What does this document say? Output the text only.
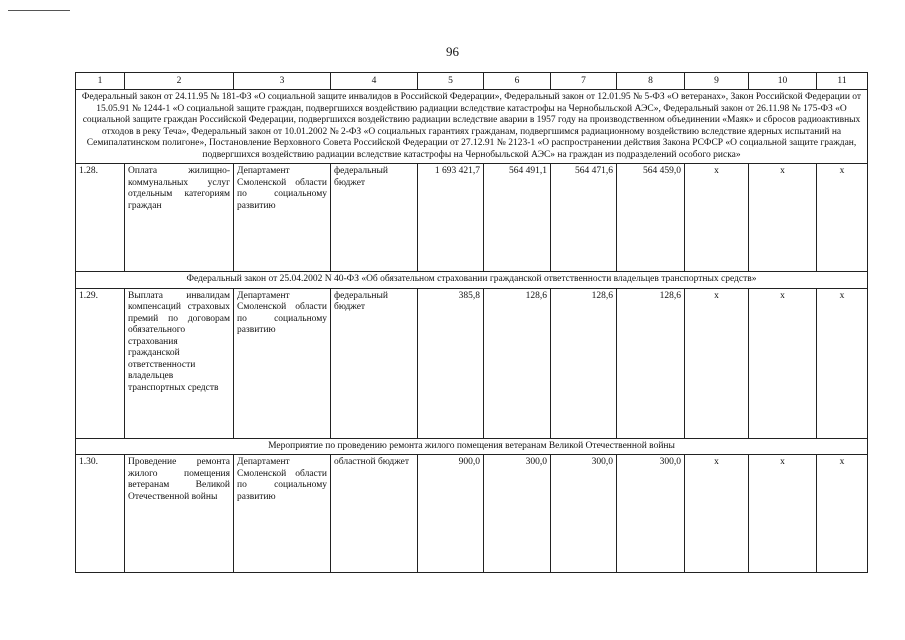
96
1	2	3	4	5	6	7	8	9	10	11
Федеральный закон от 24.11.95 № 181-ФЗ «О социальной защите инвалидов в Российской Федерации», Федеральный закон от 12.01.95 № 5-ФЗ «О ветеранах», Закон Российской Федерации от 15.05.91 № 1244-1 «О социальной защите граждан, подвергшихся воздействию радиации вследствие катастрофы на Чернобыльской АЭС», Федеральный закон от 26.11.98 № 175-ФЗ «О социальной защите граждан Российской Федерации, подвергшихся воздействию радиации вследствие аварии в 1957 году на производственном объединении «Маяк» и сбросов радиоактивных отходов в реку Теча», Федеральный закон от 10.01.2002 № 2-ФЗ «О социальных гарантиях гражданам, подвергшимся радиационному воздействию вследствие ядерных испытаний на Семипалатинском полигоне», Постановление Верховного Совета Российской Федерации от 27.12.91 № 2123-1 «О распространении действия Закона РСФСР «О социальной защите граждан, подвергшихся воздействию радиации вследствие катастрофы на Чернобыльской АЭС» на граждан из подразделений особого риска»										
1.28.	Оплата жилищно-коммунальных услуг отдельным категориям граждан	Департамент Смоленской области по социальному развитию	федеральный бюджет	1 693 421,7	564 491,1	564 471,6	564 459,0	х	х	х
Федеральный закон от 25.04.2002 N 40-ФЗ «Об обязательном страховании гражданской ответственности владельцев транспортных средств»										
1.29.	Выплата инвалидам компенсаций страховых премий по договорам обязательного страхования гражданской ответственности владельцев транспортных средств	Департамент Смоленской области по социальному развитию	федеральный бюджет	385,8	128,6	128,6	128,6	х	х	х
Мероприятие по проведению ремонта жилого помещения ветеранам Великой Отечественной войны										
1.30.	Проведение ремонта жилого помещения ветеранам Великой Отечественной войны	Департамент Смоленской области по социальному развитию	областной бюджет	900,0	300,0	300,0	300,0	х	х	х
